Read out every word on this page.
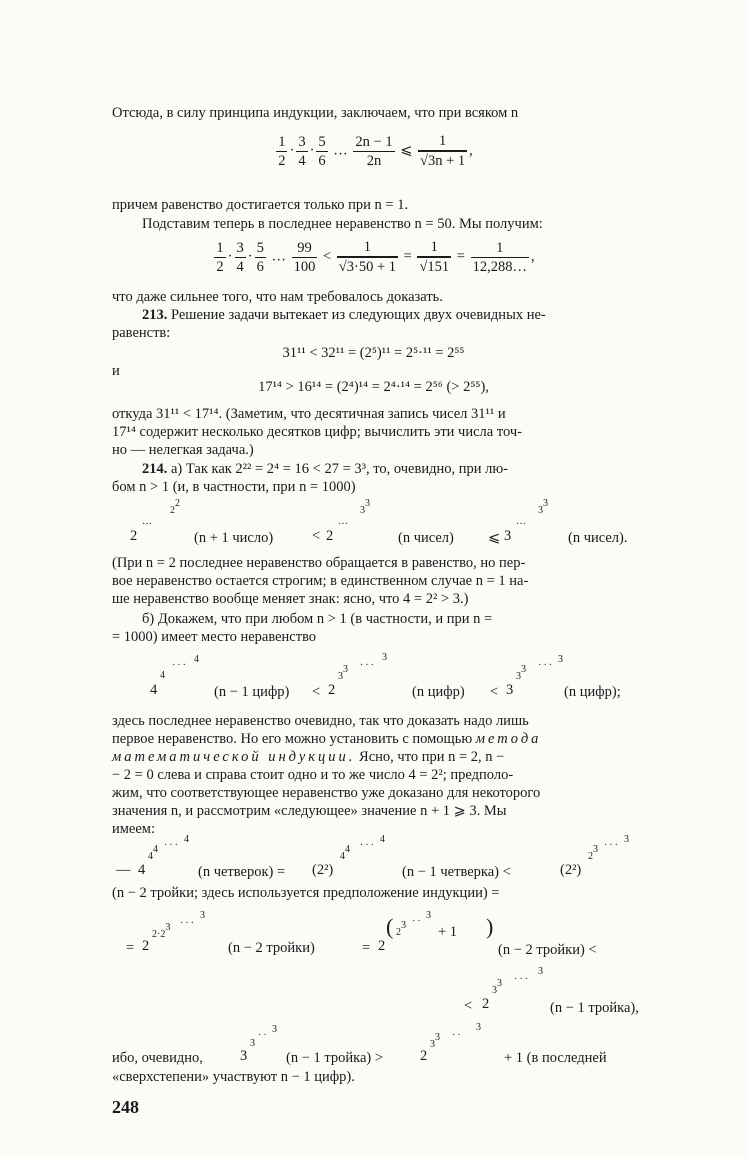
Отсюда, в силу принципа индукции, заключаем, что при всяком n
$\frac{1}{2} \cdot \frac{3}{4} \cdot \frac{5}{6}$ … $\frac{2n - 1}{2n}$ ⩽ $\frac{1}{√3n + 1}$ ,
причем равенство достигается только при n = 1.
Подставим теперь в последнее неравенство n = 50. Мы получим:
$\frac{1}{2} \cdot \frac{3}{4} \cdot \frac{5}{6}$ … $\frac{99}{100} < \frac{1}{√3\cdot 50 + 1} = \frac{1}{√151} = \frac{1}{12,288\dots}$ ,
что даже сильнее того, что нам требовалось доказать.
213. Решение задачи вытекает из следующих двух очевидных не-
равенств:
31¹¹ < 32¹¹ = (2⁵)¹¹ = 2⁵·¹¹ = 2⁵⁵
и
17¹⁴ > 16¹⁴ = (2⁴)¹⁴ = 2⁴·¹⁴ = 2⁵⁶ (> 2⁵⁵),
откуда 31¹¹ < 17¹⁴. (Заметим, что десятичная запись чисел 31¹¹ и
17¹⁴ содержит несколько десятков цифр; вычислить эти числа точ-
но — нелегкая задача.)
214. а) Так как 2²² = 2⁴ = 16 < 27 = 3³, то, очевидно, при лю-
бом n > 1 (и, в частности, при n = 1000)
2
…
$2^2$
(n + 1 число)	< 2
…
$3^3$
(n чисел) ⩽ 3
…
$3^3$
(n чисел).
(При n = 2 последнее неравенство обращается в равенство, но пер-
вое неравенство остается строгим; в единственном случае n = 1 на-
ше неравенство вообще меняет знак: ясно, что 4 = 2² > 3.)
б) Докажем, что при любом n > 1 (в частности, и при n =
= 1000) имеет место неравенство
4
4
···
4
(n − 1 цифр) < 2
$3^3$ ···
3
(n цифр) < 3
$3^3$ ···
3
(n цифр);
здесь последнее неравенство очевидно, так что доказать надо лишь
первое неравенство. Но его можно установить с помощью метода
математической индукции. Ясно, что при n = 2, n −
− 2 = 0 слева и справа стоит одно и то же число 4 = 2²; предполо-
жим, что соответствующее неравенство уже доказано для некоторого
значения n, и рассмотрим «следующее» значение n + 1 ⩾ 3. Мы
имеем:
— 4
$4^4$ ···
4
(n четверок) = (2²)
$4^4$ ···
4
(n − 1 четверка) <	(2²)
$2^3$ ···
3
(n − 2 тройки; здесь используется предположение индукции) =
= 2
$2\cdot 2^3$ ···
3
(n − 2 тройки)	= 2
( $2^3$ ··
3
+ 1 )
(n − 2 тройки) <
< 2
$3^3$ ···
3
(n − 1 тройка),
ибо, очевидно,	3
3
··
3
(n − 1 тройка) >	2
$3^3$ ··
3
+ 1 (в последней
«сверхстепени» участвуют n − 1 цифр).
248
